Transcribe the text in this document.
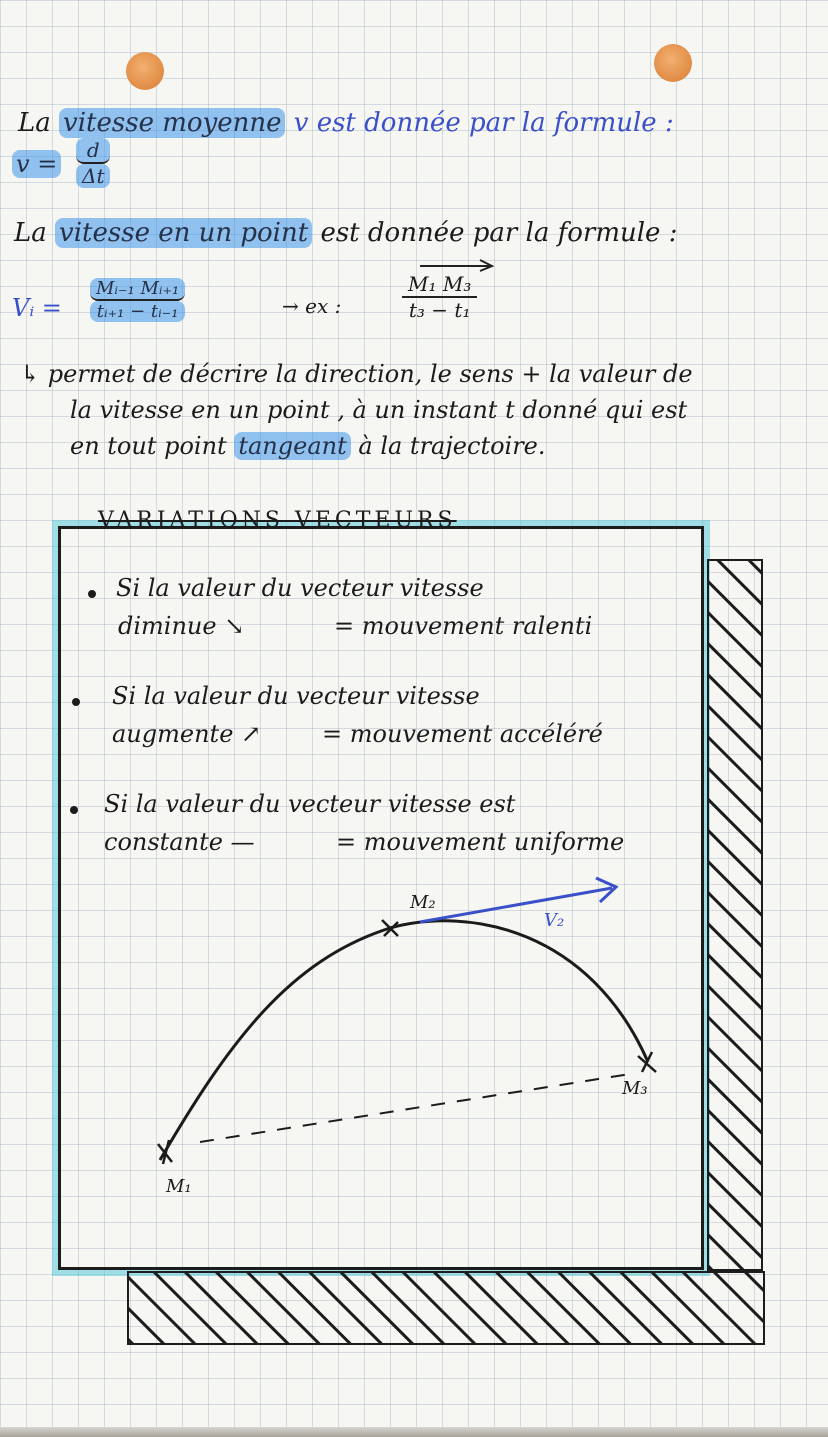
La vitesse moyenne v est donnée par la formule :
$v = \frac{d}{\Delta t}$
La vitesse en un point est donnée par la formule :
Vᵢ = $\frac{\text{Mᵢ₋₁ Mᵢ₊₁}}{\text{tᵢ₊₁ − tᵢ₋₁}}$	→ ex :	$\frac{\text{M₁ M₃}}{\text{t₃ − t₁}}$
↳ permet de décrire la direction, le sens + la valeur de
la vitesse en un point , à un instant t donné qui est
en tout point tangeant à la trajectoire.
VARIATIONS VECTEURS
Si la valeur du vecteur vitesse
diminue ↘	= mouvement ralenti
Si la valeur du vecteur vitesse
augmente ↗	= mouvement accéléré
Si la valeur du vecteur vitesse est
constante —	= mouvement uniforme
M₁
M₂
M₃
V₂
